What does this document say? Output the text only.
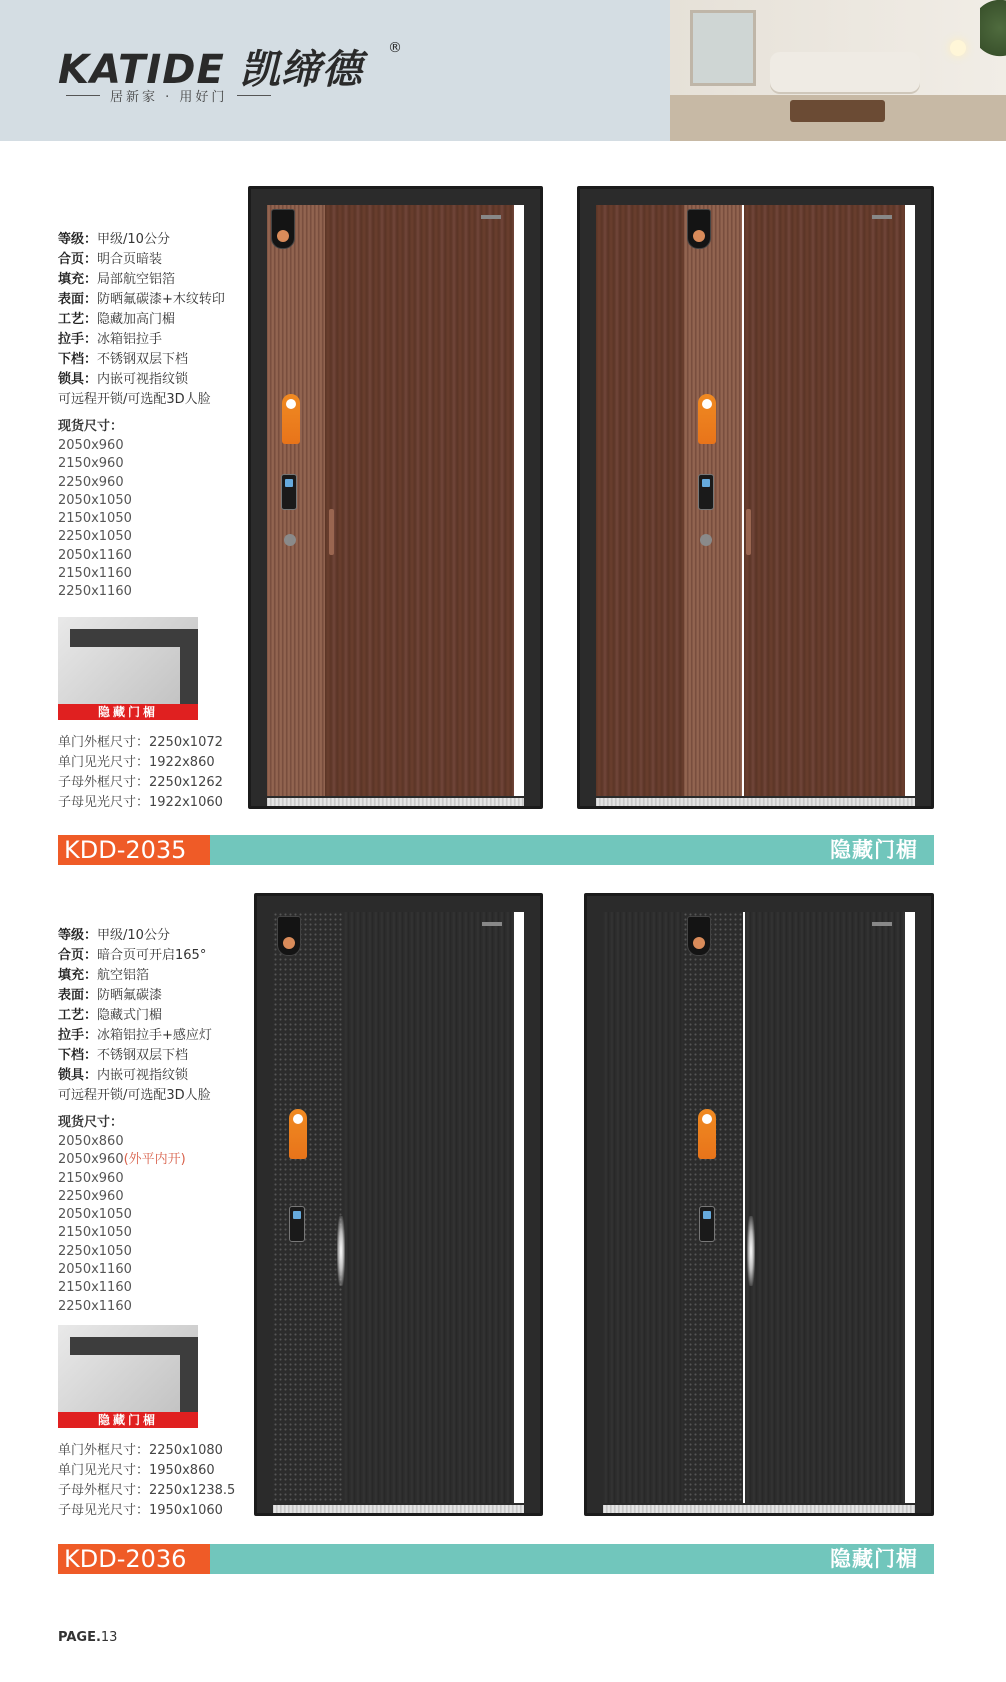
KATIDE 凯缔德 ®
居新家 · 用好门
等级：甲级/10公分
合页：明合页暗装
填充：局部航空铝箔
表面：防晒氟碳漆+木纹转印
工艺：隐藏加高门楣
拉手：冰箱铝拉手
下档：不锈钢双层下档
锁具：内嵌可视指纹锁
可远程开锁/可选配3D人脸
现货尺寸：
2050x960
2150x960
2250x960
2050x1050
2150x1050
2250x1050
2050x1160
2150x1160
2250x1160
隐藏门楣
单门外框尺寸：2250x1072
单门见光尺寸：1922x860
子母外框尺寸：2250x1262
子母见光尺寸：1922x1060
KDD-2035	隐藏门楣
等级：甲级/10公分
合页：暗合页可开启165°
填充：航空铝箔
表面：防晒氟碳漆
工艺：隐藏式门楣
拉手：冰箱铝拉手+感应灯
下档：不锈钢双层下档
锁具：内嵌可视指纹锁
可远程开锁/可选配3D人脸
现货尺寸：
2050x860
2050x960(外平内开)
2150x960
2250x960
2050x1050
2150x1050
2250x1050
2050x1160
2150x1160
2250x1160
隐藏门楣
单门外框尺寸：2250x1080
单门见光尺寸：1950x860
子母外框尺寸：2250x1238.5
子母见光尺寸：1950x1060
KDD-2036	隐藏门楣
PAGE.13
